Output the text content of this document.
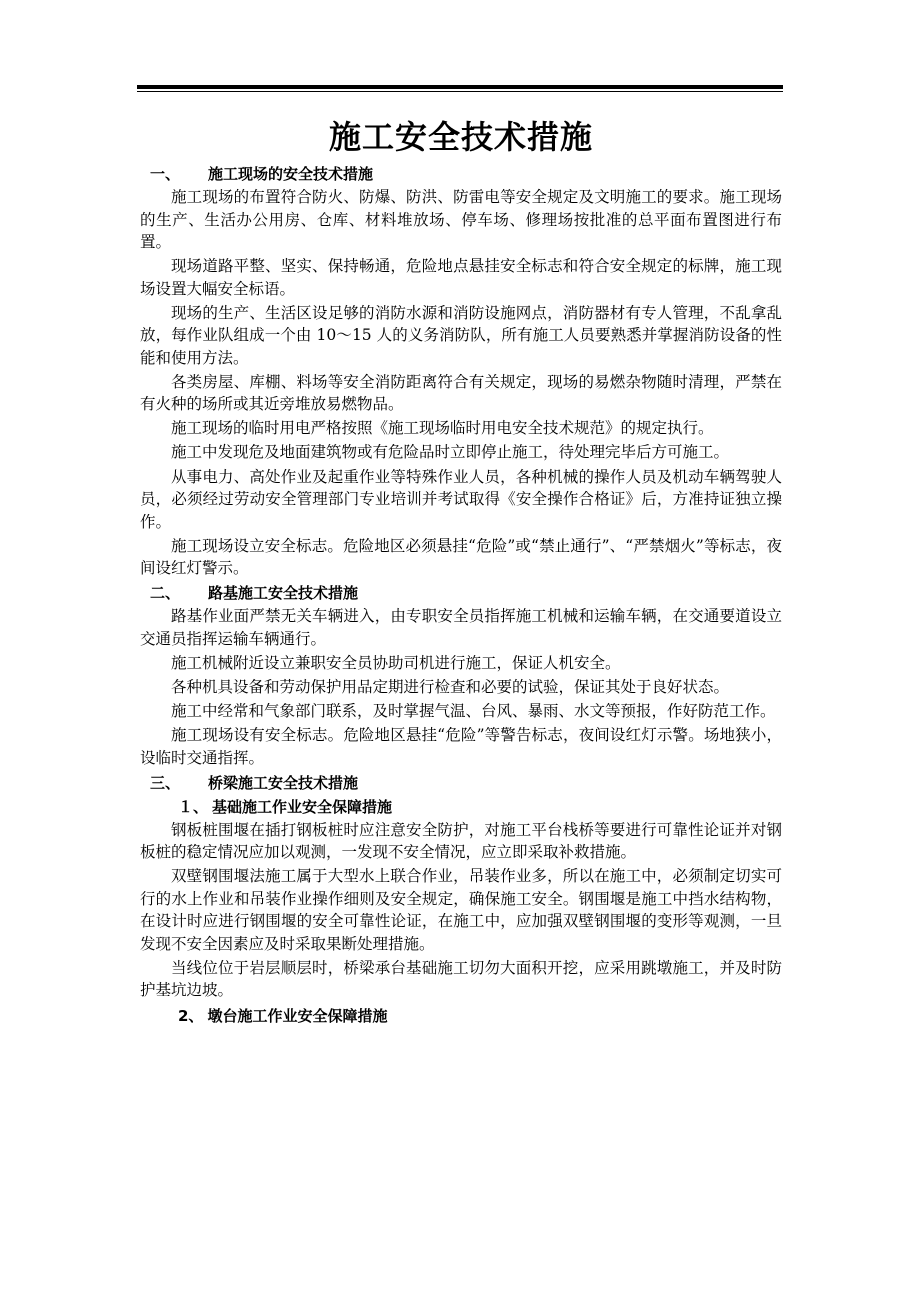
施工安全技术措施
一、 施工现场的安全技术措施

施工现场的布置符合防火、防爆、防洪、防雷电等安全规定及文明施工的要求。施工现场的生产、生活办公用房、仓库、材料堆放场、停车场、修理场按批准的总平面布置图进行布置。

现场道路平整、坚实、保持畅通，危险地点悬挂安全标志和符合安全规定的标牌，施工现场设置大幅安全标语。

现场的生产、生活区设足够的消防水源和消防设施网点，消防器材有专人管理，不乱拿乱放，每作业队组成一个由 10～15 人的义务消防队，所有施工人员要熟悉并掌握消防设备的性能和使用方法。

各类房屋、库棚、料场等安全消防距离符合有关规定，现场的易燃杂物随时清理，严禁在有火种的场所或其近旁堆放易燃物品。

施工现场的临时用电严格按照《施工现场临时用电安全技术规范》的规定执行。

施工中发现危及地面建筑物或有危险品时立即停止施工，待处理完毕后方可施工。

从事电力、高处作业及起重作业等特殊作业人员，各种机械的操作人员及机动车辆驾驶人员，必须经过劳动安全管理部门专业培训并考试取得《安全操作合格证》后，方准持证独立操作。

施工现场设立安全标志。危险地区必须悬挂“危险”或“禁止通行”、“严禁烟火”等标志，夜间设红灯警示。

二、 路基施工安全技术措施

路基作业面严禁无关车辆进入，由专职安全员指挥施工机械和运输车辆，在交通要道设立交通员指挥运输车辆通行。

施工机械附近设立兼职安全员协助司机进行施工，保证人机安全。

各种机具设备和劳动保护用品定期进行检查和必要的试验，保证其处于良好状态。

施工中经常和气象部门联系，及时掌握气温、台风、暴雨、水文等预报，作好防范工作。

施工现场设有安全标志。危险地区悬挂“危险”等警告标志，夜间设红灯示警。场地狭小，设临时交通指挥。

三、 桥梁施工安全技术措施
１、 基础施工作业安全保障措施

钢板桩围堰在插打钢板桩时应注意安全防护，对施工平台栈桥等要进行可靠性论证并对钢板桩的稳定情况应加以观测，一发现不安全情况，应立即采取补救措施。

双壁钢围堰法施工属于大型水上联合作业，吊装作业多，所以在施工中，必须制定切实可行的水上作业和吊装作业操作细则及安全规定，确保施工安全。钢围堰是施工中挡水结构物，在设计时应进行钢围堰的安全可靠性论证，在施工中，应加强双壁钢围堰的变形等观测，一旦发现不安全因素应及时采取果断处理措施。

当线位位于岩层顺层时，桥梁承台基础施工切勿大面积开挖，应采用跳墩施工，并及时防护基坑边坡。

2、 墩台施工作业安全保障措施
